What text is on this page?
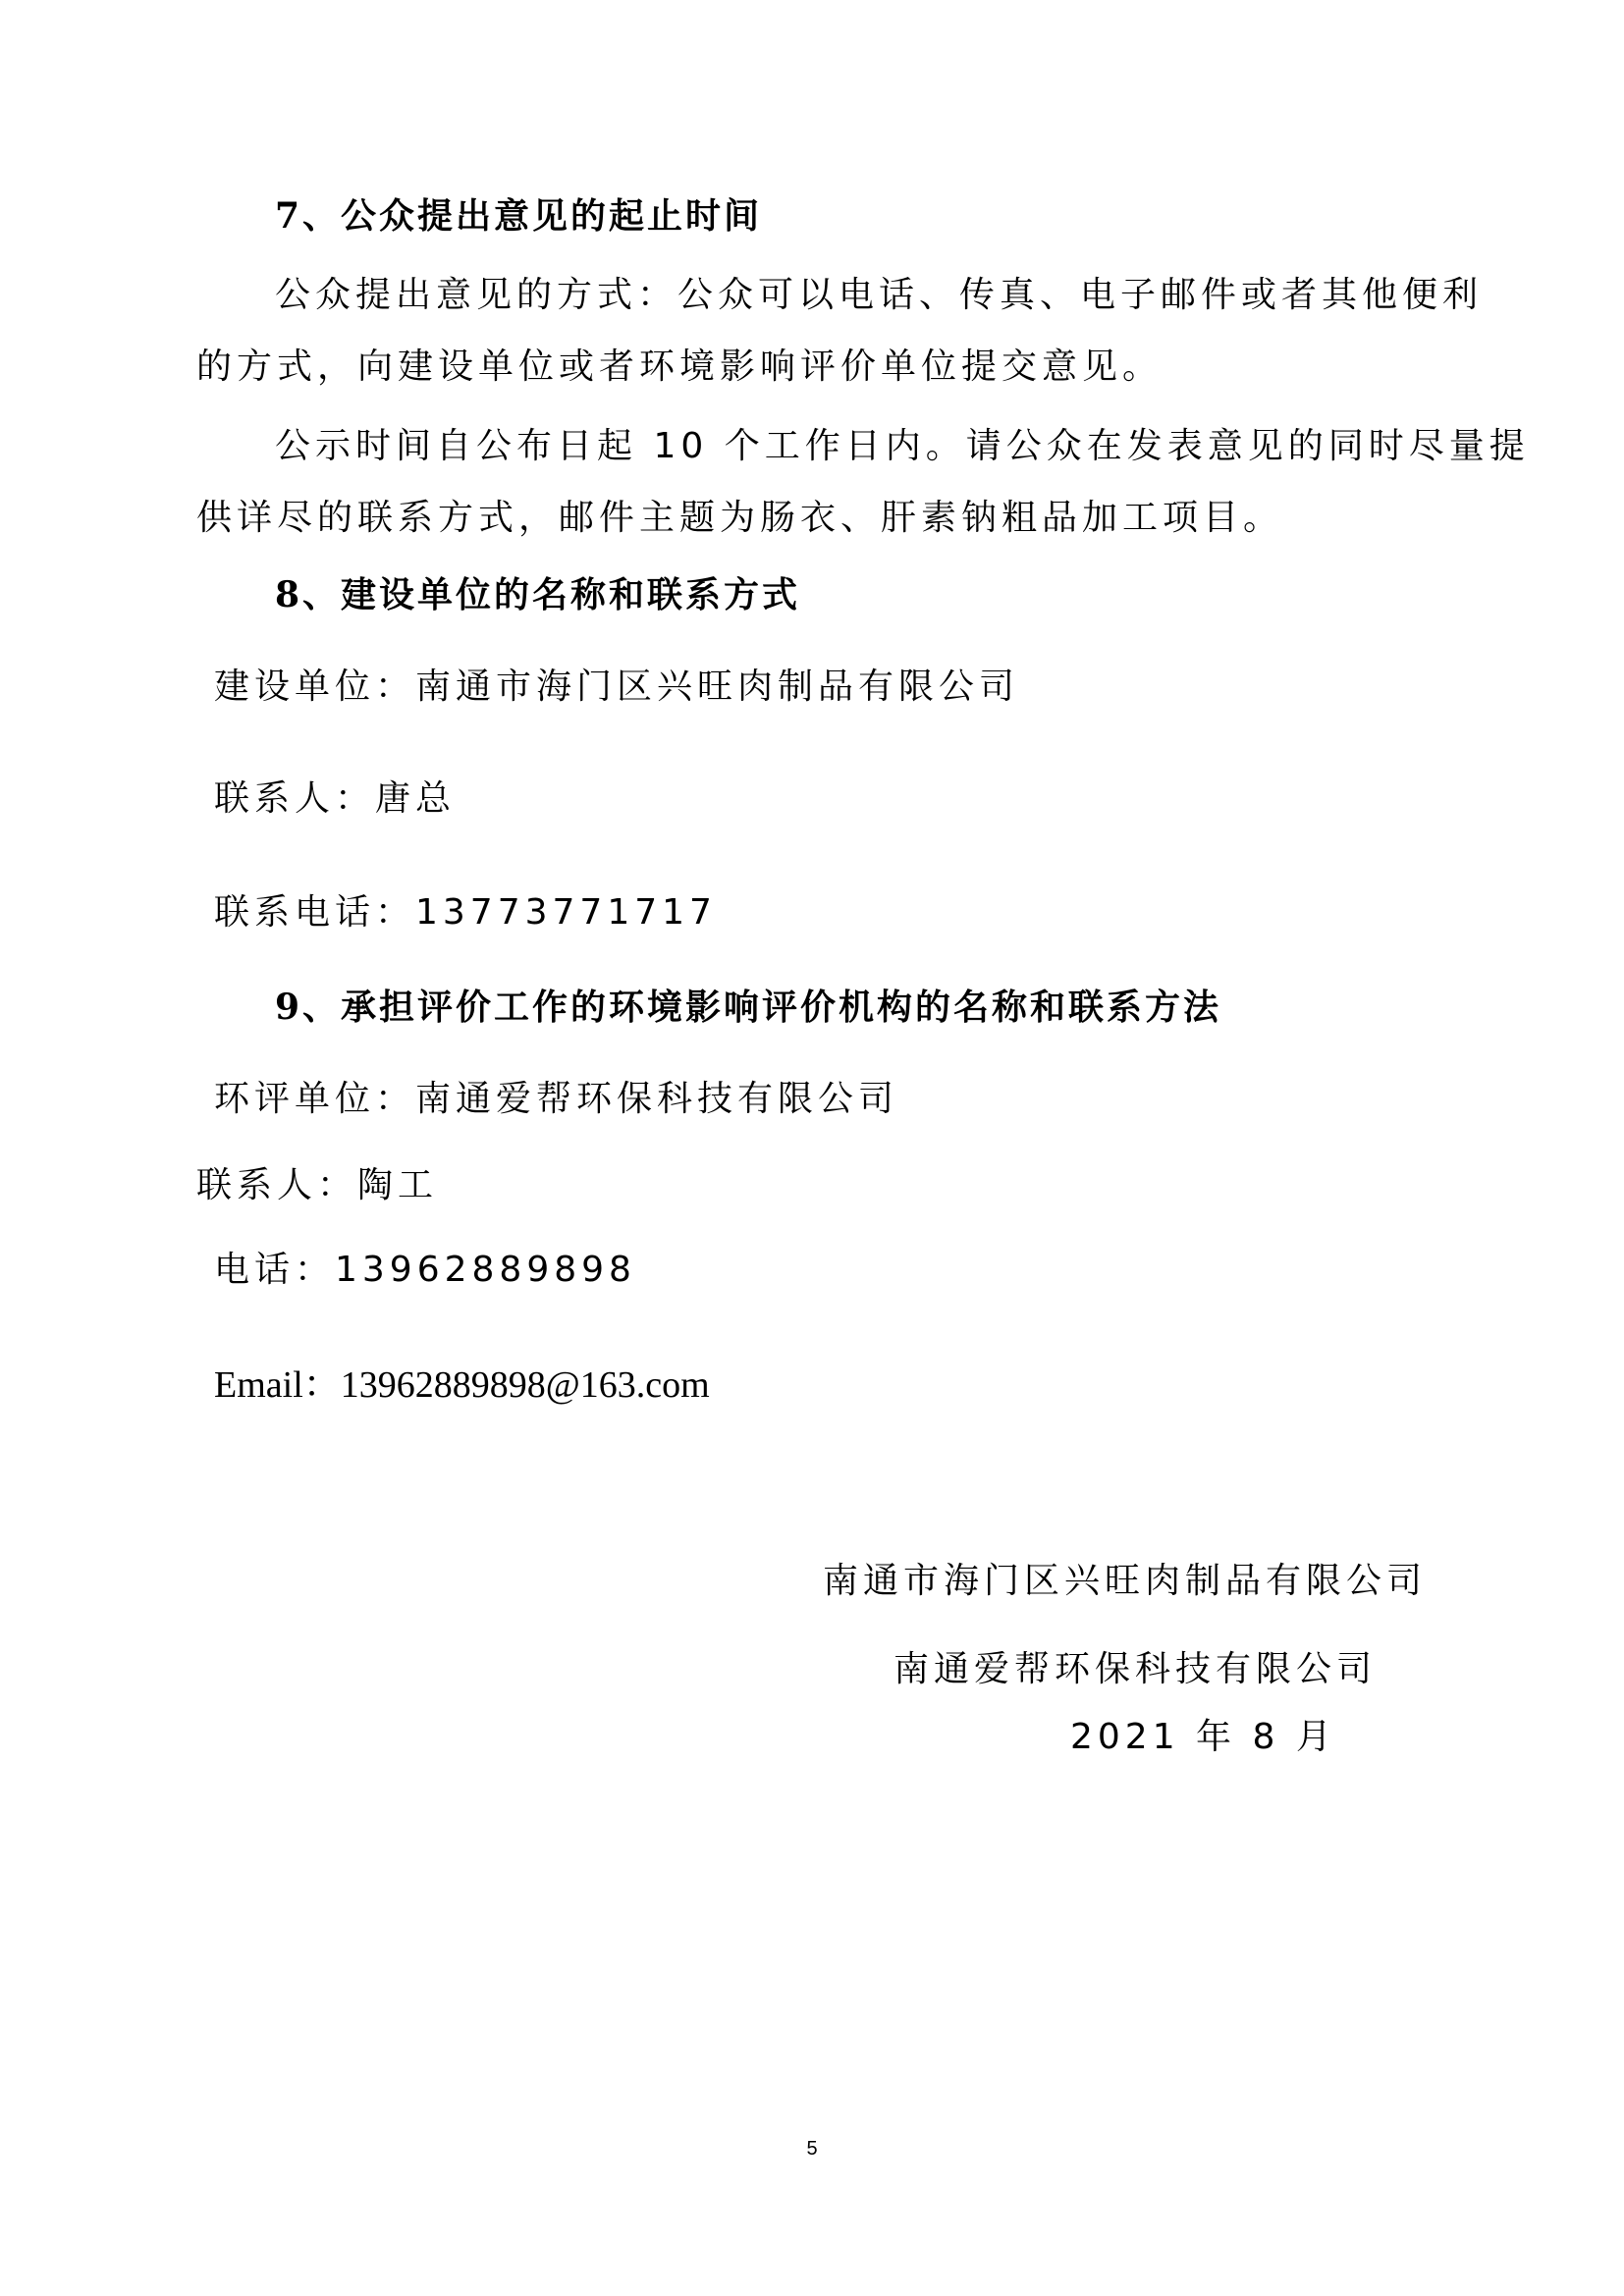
7、公众提出意见的起止时间
公众提出意见的方式：公众可以电话、传真、电子邮件或者其他便利
的方式，向建设单位或者环境影响评价单位提交意见。
公示时间自公布日起 10 个工作日内。请公众在发表意见的同时尽量提
供详尽的联系方式，邮件主题为肠衣、肝素钠粗品加工项目。
8、建设单位的名称和联系方式
建设单位：南通市海门区兴旺肉制品有限公司
联系人：唐总
联系电话：13773771717
9、承担评价工作的环境影响评价机构的名称和联系方法
环评单位：南通爱帮环保科技有限公司
联系人：陶工
电话：13962889898
Email：13962889898@163.com
南通市海门区兴旺肉制品有限公司
南通爱帮环保科技有限公司
2021 年 8 月
5
